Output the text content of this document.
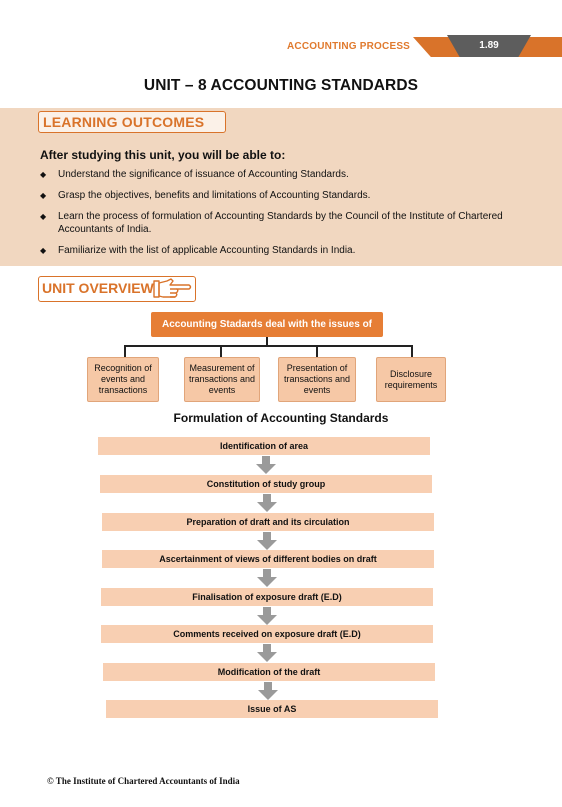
ACCOUNTING PROCESS	1.89
UNIT – 8 ACCOUNTING STANDARDS
LEARNING OUTCOMES
After studying this unit, you will be able to:
◆ Understand the significance of issuance of Accounting Standards.
◆ Grasp the objectives, benefits and limitations of Accounting Standards.
◆ Learn the process of formulation of Accounting Standards by the Council of the Institute of Chartered Accountants of India.
◆ Familiarize with the list of applicable Accounting Standards in India.
UNIT OVERVIEW
Accounting Stadards deal with the issues of
Recognition of events and transactions
Measurement of transactions and events
Presentation of transactions and events
Disclosure requirements
Formulation of Accounting Standards
Identification of area
Constitution of study group
Preparation of draft and its circulation
Ascertainment of views of different bodies on draft
Finalisation of exposure draft (E.D)
Comments received on exposure draft (E.D)
Modification of the draft
Issue of AS
© The Institute of Chartered Accountants of India
